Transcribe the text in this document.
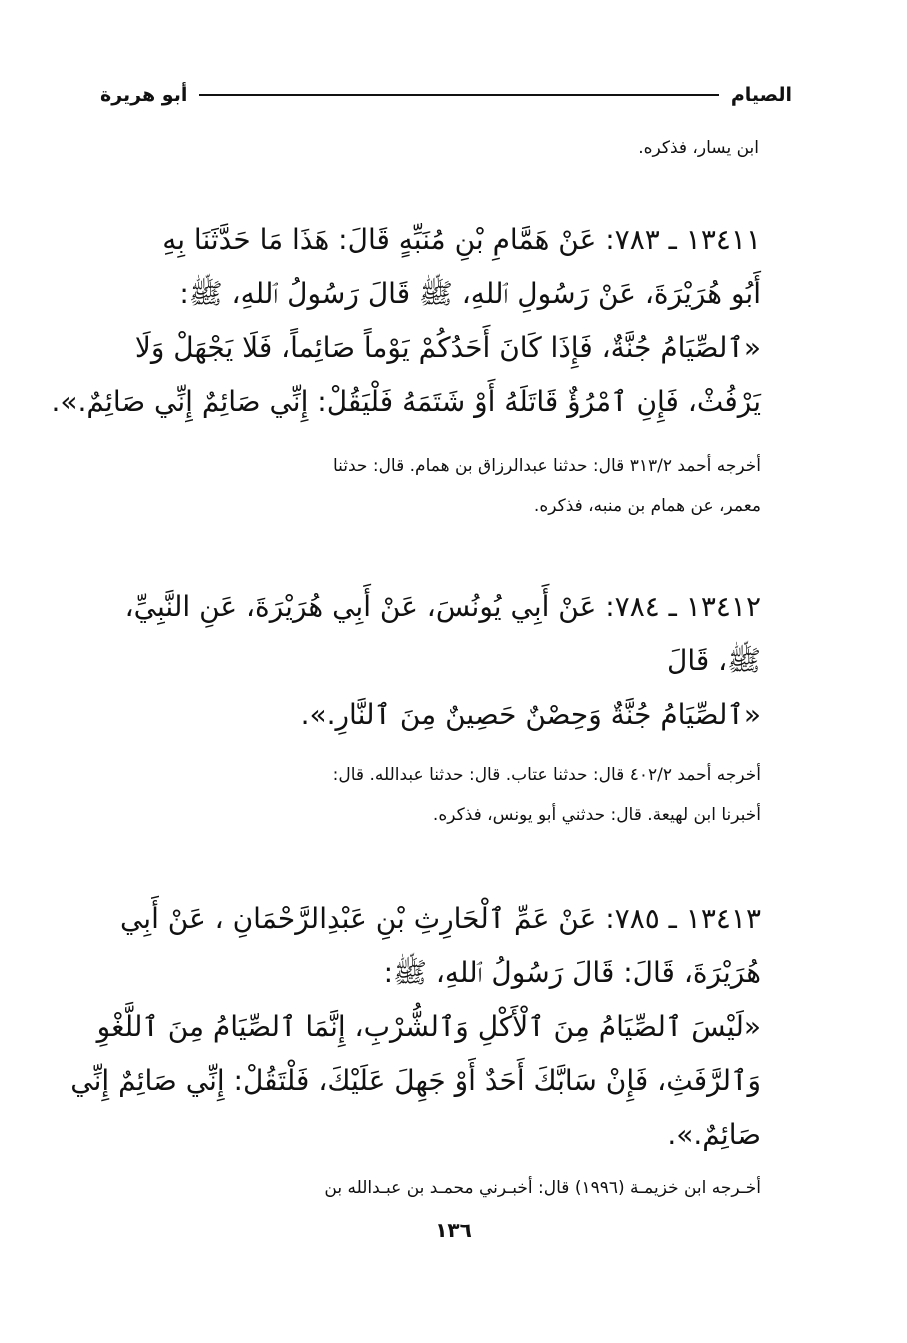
الصيام
أبو هريرة
ابن يسار، فذكره.
١٣٤١١ ـ ٧٨٣: عَنْ هَمَّامِ بْنِ مُنَبِّهٍ قَالَ: هَذَا مَا حَدَّثَنَا بِهِ
أَبُو هُرَيْرَةَ، عَنْ رَسُولِ ٱللهِ، ﷺ قَالَ رَسُولُ ٱللهِ، ﷺ:
«ٱلصِّيَامُ جُنَّةٌ، فَإِذَا كَانَ أَحَدُكُمْ يَوْماً صَائِماً، فَلَا يَجْهَلْ وَلَا
يَرْفُثْ، فَإِنِ ٱمْرُؤٌ قَاتَلَهُ أَوْ شَتَمَهُ فَلْيَقُلْ: إِنِّي صَائِمٌ إِنِّي صَائِمٌ.».
أخرجه أحمد ٣١٣/٢ قال: حدثنا عبدالرزاق بن همام. قال: حدثنا
معمر، عن همام بن منبه، فذكره.
١٣٤١٢ ـ ٧٨٤: عَنْ أَبِي يُونُسَ، عَنْ أَبِي هُرَيْرَةَ، عَنِ النَّبِيِّ،
ﷺ، قَالَ
«ٱلصِّيَامُ جُنَّةٌ وَحِصْنٌ حَصِينٌ مِنَ ٱلنَّارِ.».
أخرجه أحمد ٤٠٢/٢ قال: حدثنا عتاب. قال: حدثنا عبدالله. قال:
أخبرنا ابن لهيعة. قال: حدثني أبو يونس، فذكره.
١٣٤١٣ ـ ٧٨٥: عَنْ عَمِّ ٱلْحَارِثِ بْنِ عَبْدِالرَّحْمَانِ ، عَنْ أَبِي
هُرَيْرَةَ، قَالَ: قَالَ رَسُولُ ٱللهِ، ﷺ:
«لَيْسَ ٱلصِّيَامُ مِنَ ٱلْأَكْلِ وَٱلشُّرْبِ، إِنَّمَا ٱلصِّيَامُ مِنَ ٱللَّغْوِ
وَٱلرَّفَثِ، فَإِنْ سَابَّكَ أَحَدٌ أَوْ جَهِلَ عَلَيْكَ، فَلْتَقُلْ: إِنِّي صَائِمٌ إِنِّي
صَائِمٌ.».
أخـرجه ابن خزيمـة (١٩٩٦) قال: أخبـرني محمـد بن عبـدالله بن
١٣٦
